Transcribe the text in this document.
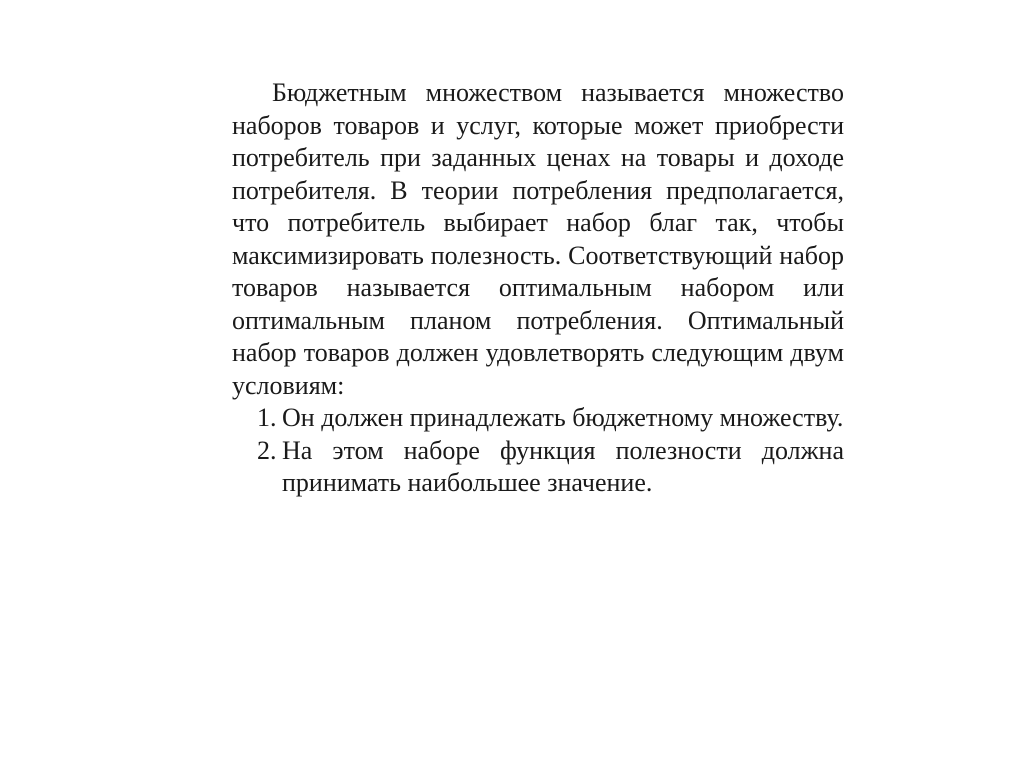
Бюджетным множеством называется множество наборов товаров и услуг, которые может приобрести потребитель при заданных ценах на товары и доходе потребителя. В теории потребления предполагается, что потребитель выбирает набор благ так, чтобы максимизировать полезность. Соответствующий набор товаров называется оптимальным набором или оптимальным планом потребления. Оптимальный набор товаров должен удовлетворять следующим двум условиям:

1. Он должен принадлежать бюджетному множеству.
2. На этом наборе функция полезности должна принимать наибольшее значение.
